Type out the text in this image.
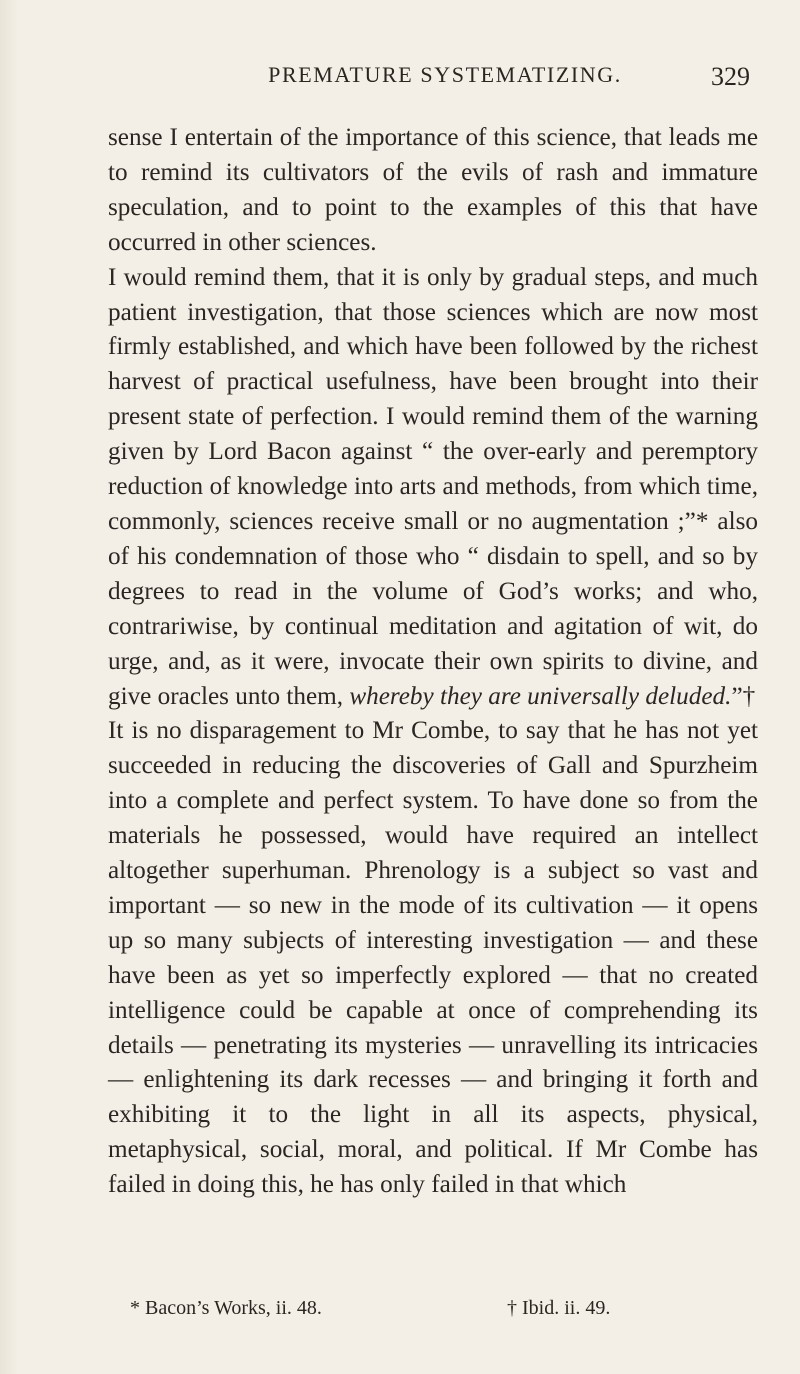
PREMATURE SYSTEMATIZING.	329

sense I entertain of the importance of this science, that leads me to remind its cultivators of the evils of rash and immature speculation, and to point to the examples of this that have occurred in other sciences.

I would remind them, that it is only by gradual steps, and much patient investigation, that those sciences which are now most firmly established, and which have been followed by the richest harvest of practical usefulness, have been brought into their present state of perfection. I would remind them of the warning given by Lord Bacon against “ the over-early and peremptory reduction of knowledge into arts and methods, from which time, commonly, sciences receive small or no augmentation ;”* also of his condemnation of those who “ disdain to spell, and so by degrees to read in the volume of God’s works; and who, contrariwise, by continual meditation and agitation of wit, do urge, and, as it were, invocate their own spirits to divine, and give oracles unto them, whereby they are universally deluded.”†

It is no disparagement to Mr Combe, to say that he has not yet succeeded in reducing the discoveries of Gall and Spurzheim into a complete and perfect system. To have done so from the materials he possessed, would have required an intellect altogether superhuman. Phrenology is a subject so vast and important — so new in the mode of its cultivation — it opens up so many subjects of interesting investigation — and these have been as yet so imperfectly explored — that no created intelligence could be capable at once of comprehending its details — penetrating its mysteries — unravelling its intricacies — enlightening its dark recesses — and bringing it forth and exhibiting it to the light in all its aspects, physical, metaphysical, social, moral, and political. If Mr Combe has failed in doing this, he has only failed in that which

* Bacon’s Works, ii. 48.	† Ibid. ii. 49.
